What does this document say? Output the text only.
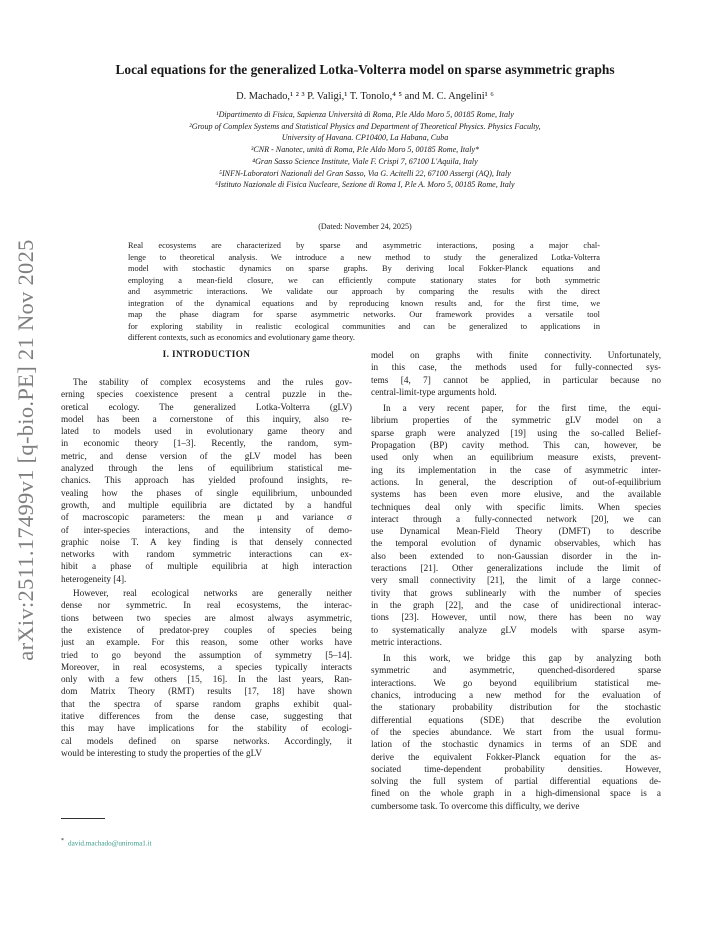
arXiv:2511.17499v1 [q-bio.PE] 21 Nov 2025
Local equations for the generalized Lotka-Volterra model on sparse asymmetric graphs
D. Machado,¹ ² ³ P. Valigi,¹ T. Tonolo,⁴ ⁵ and M. C. Angelini¹ ⁶
¹Dipartimento di Fisica, Sapienza Università di Roma, P.le Aldo Moro 5, 00185 Rome, Italy
²Group of Complex Systems and Statistical Physics and Department of Theoretical Physics. Physics Faculty,
University of Havana. CP10400, La Habana, Cuba
³CNR - Nanotec, unità di Roma, P.le Aldo Moro 5, 00185 Rome, Italy*
⁴Gran Sasso Science Institute, Viale F. Crispi 7, 67100 L'Aquila, Italy
⁵INFN-Laboratori Nazionali del Gran Sasso, Via G. Acitelli 22, 67100 Assergi (AQ), Italy
⁶Istituto Nazionale di Fisica Nucleare, Sezione di Roma I, P.le A. Moro 5, 00185 Rome, Italy
(Dated: November 24, 2025)
Real ecosystems are characterized by sparse and asymmetric interactions, posing a major chal-
lenge to theoretical analysis. We introduce a new method to study the generalized Lotka-Volterra
model with stochastic dynamics on sparse graphs. By deriving local Fokker-Planck equations and
employing a mean-field closure, we can efficiently compute stationary states for both symmetric
and asymmetric interactions. We validate our approach by comparing the results with the direct
integration of the dynamical equations and by reproducing known results and, for the first time, we
map the phase diagram for sparse asymmetric networks. Our framework provides a versatile tool
for exploring stability in realistic ecological communities and can be generalized to applications in
different contexts, such as economics and evolutionary game theory.
I. INTRODUCTION
The stability of complex ecosystems and the rules gov-
erning species coexistence present a central puzzle in the-
oretical ecology. The generalized Lotka-Volterra (gLV)
model has been a cornerstone of this inquiry, also re-
lated to models used in evolutionary game theory and
in economic theory [1–3]. Recently, the random, sym-
metric, and dense version of the gLV model has been
analyzed through the lens of equilibrium statistical me-
chanics. This approach has yielded profound insights, re-
vealing how the phases of single equilibrium, unbounded
growth, and multiple equilibria are dictated by a handful
of macroscopic parameters: the mean μ and variance σ
of inter-species interactions, and the intensity of demo-
graphic noise T. A key finding is that densely connected
networks with random symmetric interactions can ex-
hibit a phase of multiple equilibria at high interaction
heterogeneity [4].
However, real ecological networks are generally neither
dense nor symmetric. In real ecosystems, the interac-
tions between two species are almost always asymmetric,
the existence of predator-prey couples of species being
just an example. For this reason, some other works have
tried to go beyond the assumption of symmetry [5–14].
Moreover, in real ecosystems, a species typically interacts
only with a few others [15, 16]. In the last years, Ran-
dom Matrix Theory (RMT) results [17, 18] have shown
that the spectra of sparse random graphs exhibit qual-
itative differences from the dense case, suggesting that
this may have implications for the stability of ecologi-
cal models defined on sparse networks. Accordingly, it
would be interesting to study the properties of the gLV
model on graphs with finite connectivity. Unfortunately,
in this case, the methods used for fully-connected sys-
tems [4, 7] cannot be applied, in particular because no
central-limit-type arguments hold.
In a very recent paper, for the first time, the equi-
librium properties of the symmetric gLV model on a
sparse graph were analyzed [19] using the so-called Belief-
Propagation (BP) cavity method. This can, however, be
used only when an equilibrium measure exists, prevent-
ing its implementation in the case of asymmetric inter-
actions. In general, the description of out-of-equilibrium
systems has been even more elusive, and the available
techniques deal only with specific limits. When species
interact through a fully-connected network [20], we can
use Dynamical Mean-Field Theory (DMFT) to describe
the temporal evolution of dynamic observables, which has
also been extended to non-Gaussian disorder in the in-
teractions [21]. Other generalizations include the limit of
very small connectivity [21], the limit of a large connec-
tivity that grows sublinearly with the number of species
in the graph [22], and the case of unidirectional interac-
tions [23]. However, until now, there has been no way
to systematically analyze gLV models with sparse asym-
metric interactions.
In this work, we bridge this gap by analyzing both
symmetric and asymmetric, quenched-disordered sparse
interactions. We go beyond equilibrium statistical me-
chanics, introducing a new method for the evaluation of
the stationary probability distribution for the stochastic
differential equations (SDE) that describe the evolution
of the species abundance. We start from the usual formu-
lation of the stochastic dynamics in terms of an SDE and
derive the equivalent Fokker-Planck equation for the as-
sociated time-dependent probability densities. However,
solving the full system of partial differential equations de-
fined on the whole graph in a high-dimensional space is a
cumbersome task. To overcome this difficulty, we derive
* david.machado@uniroma1.it
